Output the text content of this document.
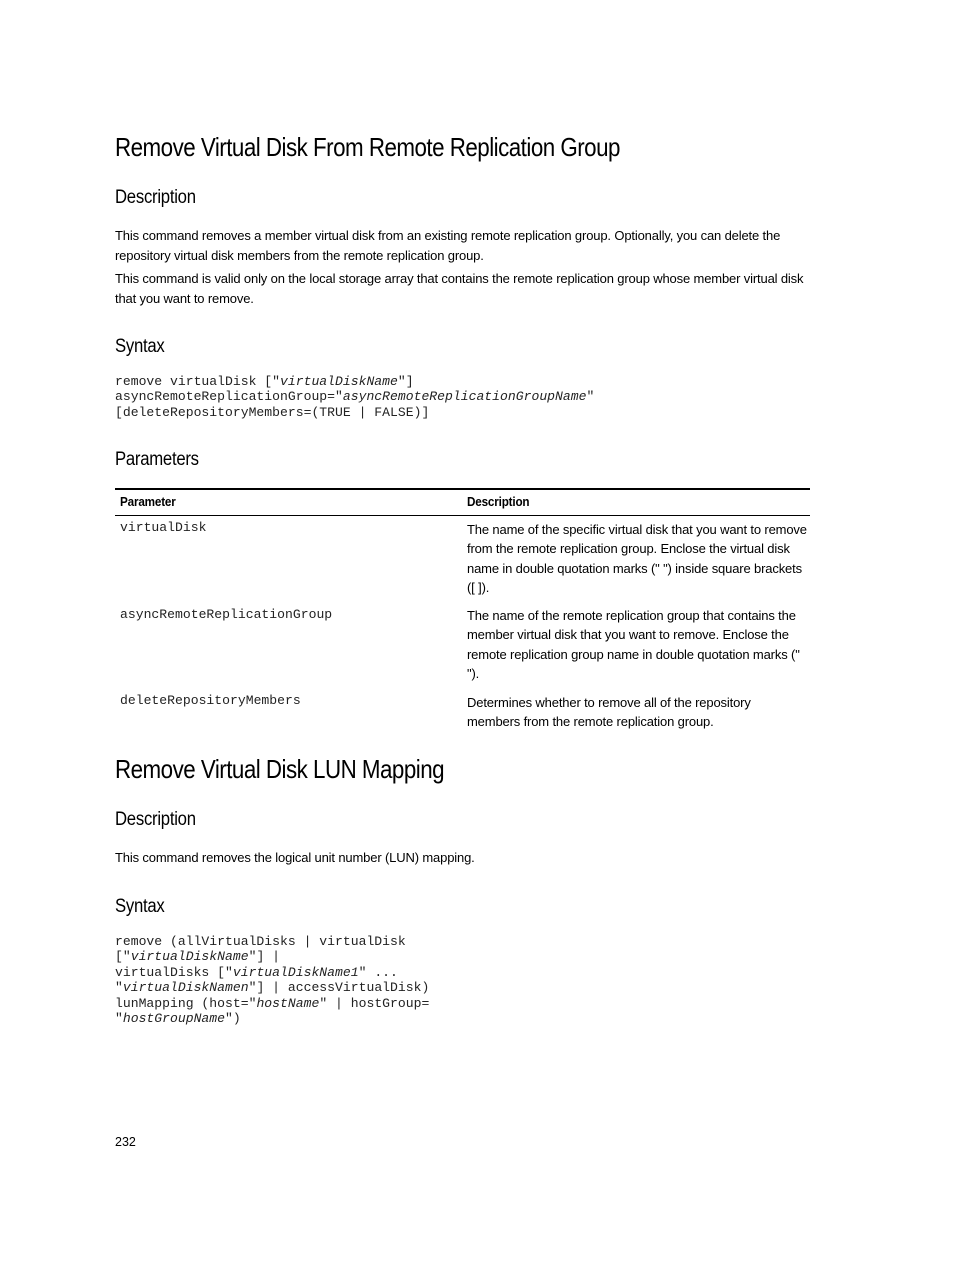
Remove Virtual Disk From Remote Replication Group
Description

This command removes a member virtual disk from an existing remote replication group. Optionally, you can delete the repository virtual disk members from the remote replication group.

This command is valid only on the local storage array that contains the remote replication group whose member virtual disk that you want to remove.

Syntax
remove virtualDisk ["virtualDiskName"]
asyncRemoteReplicationGroup="asyncRemoteReplicationGroupName"
[deleteRepositoryMembers=(TRUE | FALSE)]
Parameters
Parameter	Description
virtualDisk	The name of the specific virtual disk that you want to remove from the remote replication group. Enclose the virtual disk name in double quotation marks (" ") inside square brackets ([ ]).
asyncRemoteReplicationGroup	The name of the remote replication group that contains the member virtual disk that you want to remove. Enclose the remote replication group name in double quotation marks (" ").
deleteRepositoryMembers	Determines whether to remove all of the repository members from the remote replication group.
Remove Virtual Disk LUN Mapping
Description

This command removes the logical unit number (LUN) mapping.

Syntax
remove (allVirtualDisks | virtualDisk
["virtualDiskName"] |
virtualDisks ["virtualDiskName1" ...
"virtualDiskNamen"] | accessVirtualDisk)
lunMapping (host="hostName" | hostGroup=
"hostGroupName")
232
